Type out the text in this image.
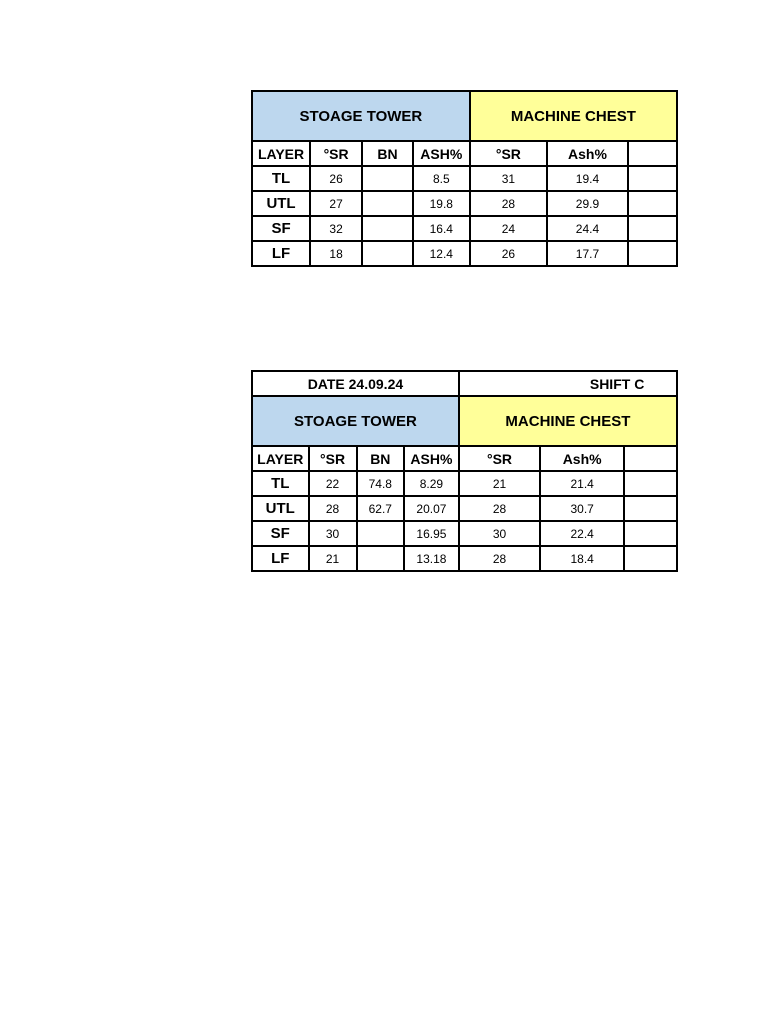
STOAGE TOWER				MACHINE CHEST		
LAYER	°SR	BN	ASH%	°SR	Ash%	
TL	26		8.5	31	19.4	
UTL	27		19.8	28	29.9	
SF	32		16.4	24	24.4	
LF	18		12.4	26	17.7	
DATE 24.09.24				SHIFT C		
STOAGE TOWER				MACHINE CHEST		
LAYER	°SR	BN	ASH%	°SR	Ash%	
TL	22	74.8	8.29	21	21.4	
UTL	28	62.7	20.07	28	30.7	
SF	30		16.95	30	22.4	
LF	21		13.18	28	18.4	
